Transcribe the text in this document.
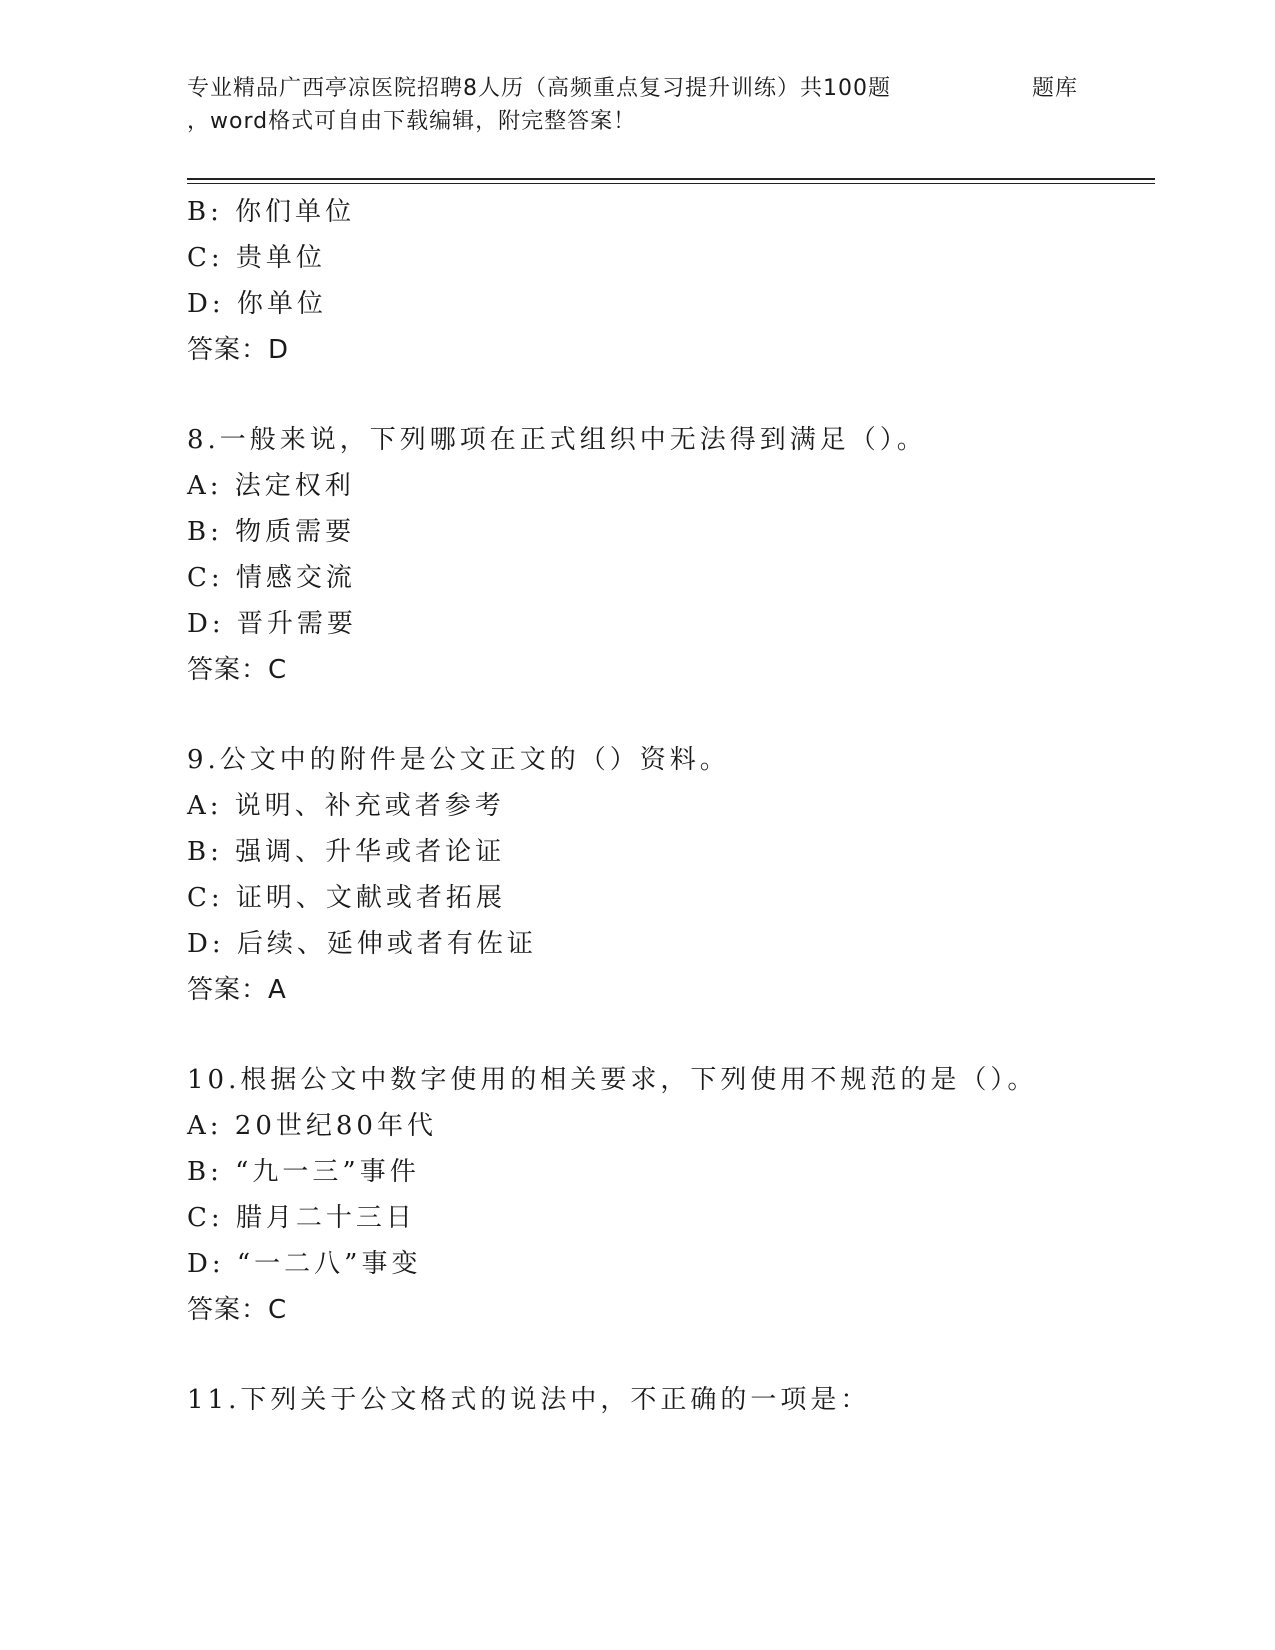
专业精品广西亭凉医院招聘8人历（高频重点复习提升训练）共100题	题库
，word格式可自由下载编辑，附完整答案！
B: 你们单位
C: 贵单位
D: 你单位
答案：D
8.一般来说，下列哪项在正式组织中无法得到满足（）。
A: 法定权利
B: 物质需要
C: 情感交流
D: 晋升需要
答案：C
9.公文中的附件是公文正文的（）资料。
A: 说明、补充或者参考
B: 强调、升华或者论证
C: 证明、文献或者拓展
D: 后续、延伸或者有佐证
答案：A
10.根据公文中数字使用的相关要求，下列使用不规范的是（）。
A: 20世纪80年代
B: “九一三”事件
C: 腊月二十三日
D: “一二八”事变
答案：C
11.下列关于公文格式的说法中，不正确的一项是：
